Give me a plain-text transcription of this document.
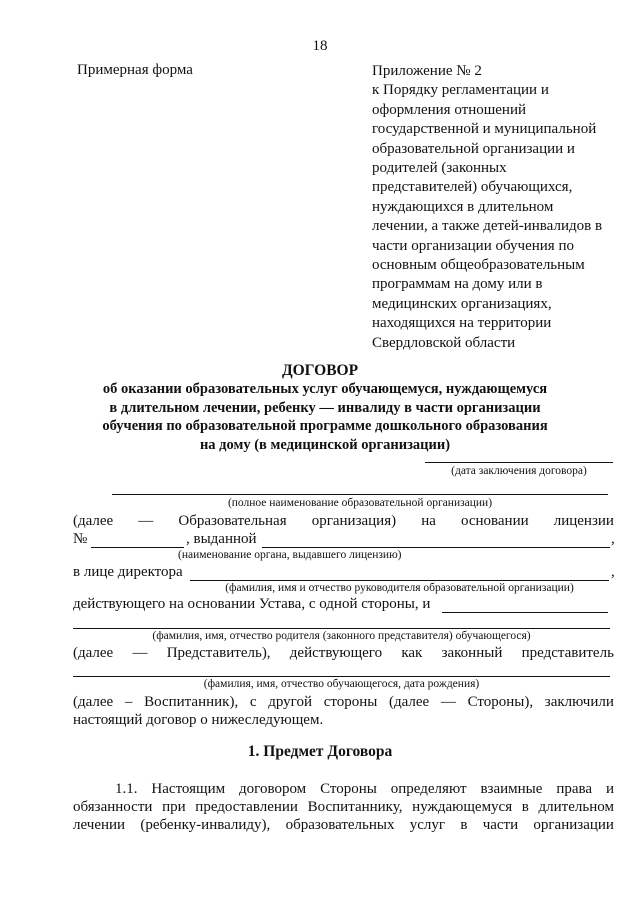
18
Примерная форма	Приложение № 2
к Порядку регламентации и
оформления отношений
государственной и муниципальной
образовательной организации и
родителей (законных
представителей) обучающихся,
нуждающихся в длительном
лечении, а также детей-инвалидов в
части организации обучения по
основным общеобразовательным
программам на дому или в
медицинских организациях,
находящихся на территории
Свердловской области
ДОГОВОР
об оказании образовательных услуг обучающемуся, нуждающемуся
в длительном лечении, ребенку — инвалиду в части организации
обучения по образовательной программе дошкольного образования
на дому (в медицинской организации)
(дата заключения договора)
(полное наименование образовательной организации)
(далее — Образовательная организация) на основании лицензии
№	, выданной	,
(наименование органа, выдавшего лицензию)
в лице директора	,
(фамилия, имя и отчество руководителя образовательной организации)
действующего на основании Устава, с одной стороны, и
(фамилия, имя, отчество родителя (законного представителя) обучающегося)
(далее — Представитель), действующего как законный представитель
(фамилия, имя, отчество обучающегося, дата рождения)
(далее – Воспитанник), с другой стороны (далее — Стороны), заключили
настоящий договор о нижеследующем.
1. Предмет Договора
1.1. Настоящим договором Стороны определяют взаимные права и
обязанности при предоставлении Воспитаннику, нуждающемуся в длительном
лечении (ребенку-инвалиду), образовательных услуг в части организации
